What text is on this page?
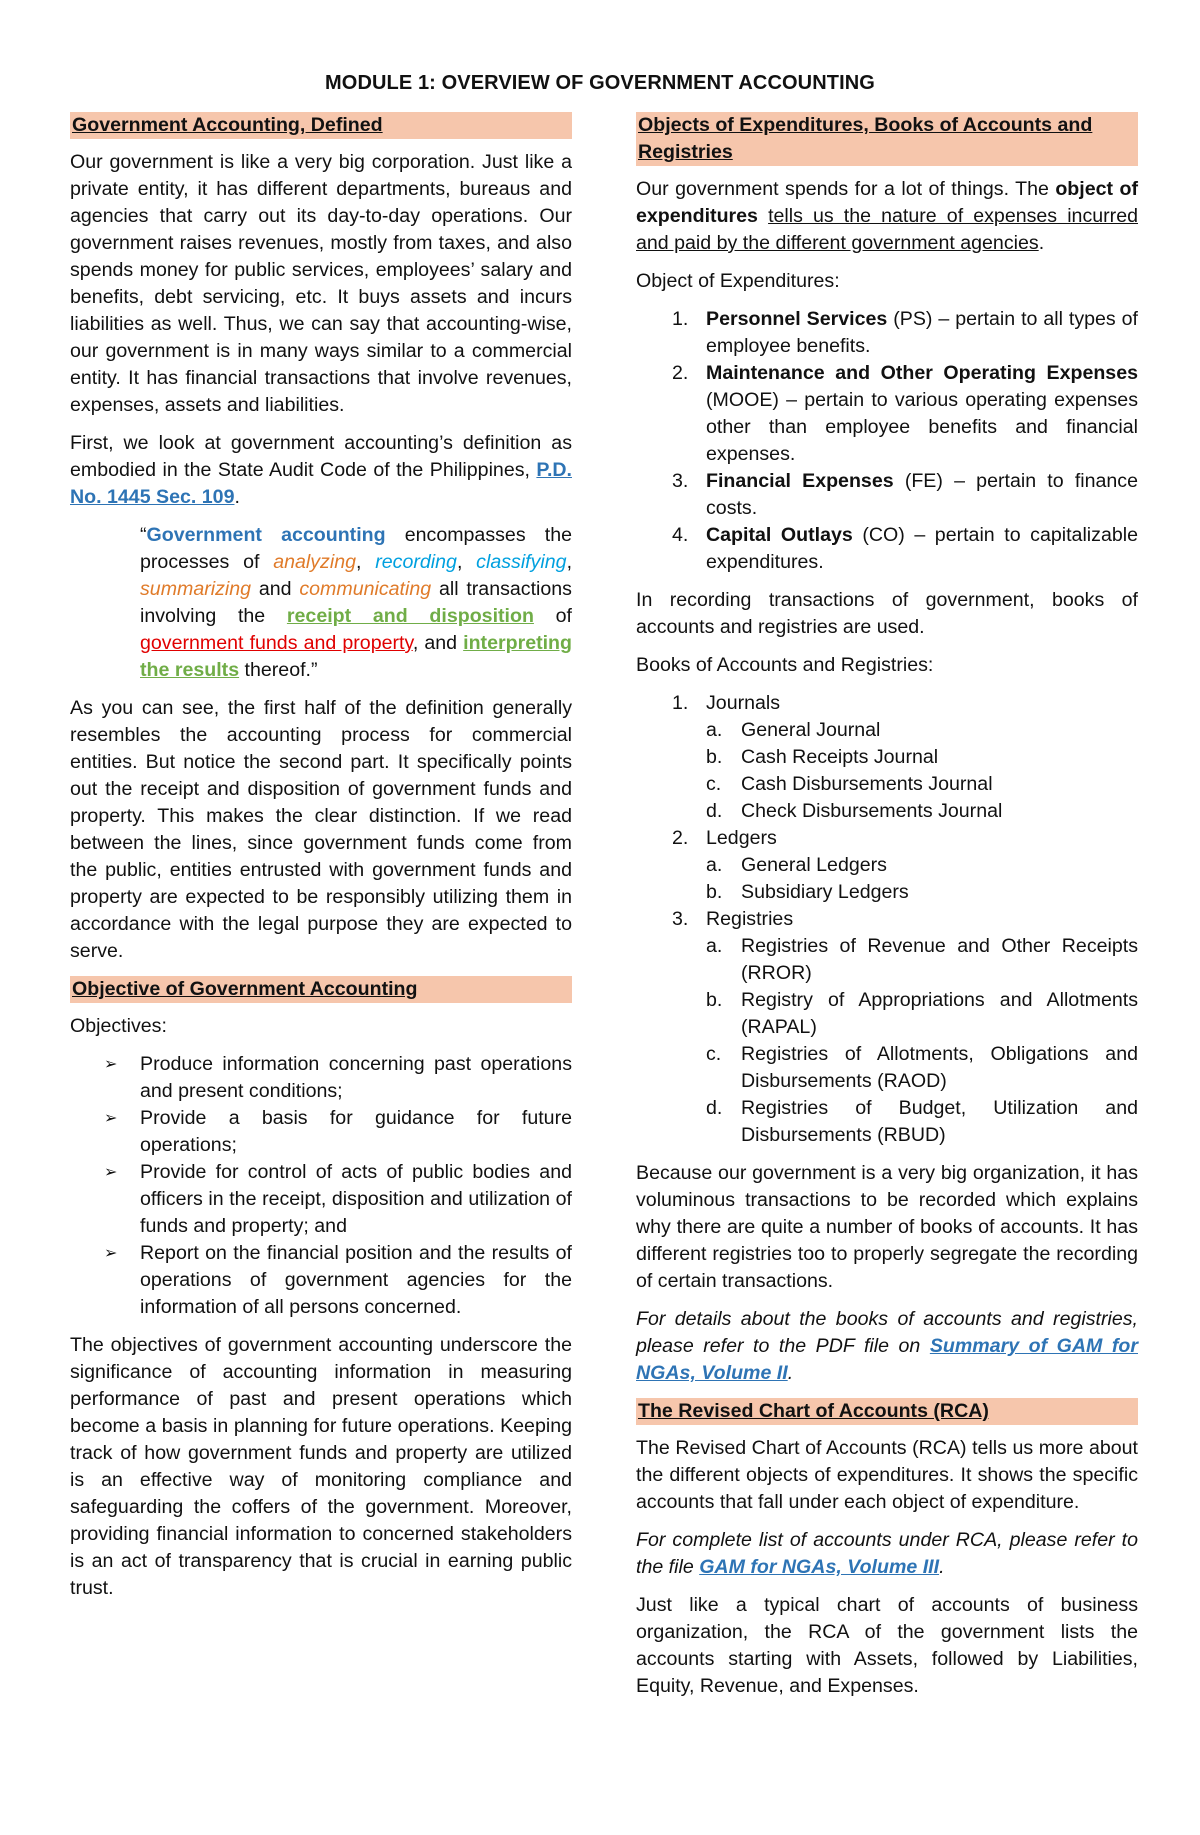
MODULE 1: OVERVIEW OF GOVERNMENT ACCOUNTING
Government Accounting, Defined

Our government is like a very big corporation. Just like a private entity, it has different departments, bureaus and agencies that carry out its day-to-day operations. Our government raises revenues, mostly from taxes, and also spends money for public services, employees’ salary and benefits, debt servicing, etc. It buys assets and incurs liabilities as well. Thus, we can say that accounting-wise, our government is in many ways similar to a commercial entity. It has financial transactions that involve revenues, expenses, assets and liabilities.

First, we look at government accounting’s definition as embodied in the State Audit Code of the Philippines, P.D. No. 1445 Sec. 109.

“Government accounting encompasses the processes of analyzing, recording, classifying, summarizing and communicating all transactions involving the receipt and disposition of government funds and property, and interpreting the results thereof.”

As you can see, the first half of the definition generally resembles the accounting process for commercial entities. But notice the second part. It specifically points out the receipt and disposition of government funds and property. This makes the clear distinction. If we read between the lines, since government funds come from the public, entities entrusted with government funds and property are expected to be responsibly utilizing them in accordance with the legal purpose they are expected to serve.

Objective of Government Accounting

Objectives:

➢ Produce information concerning past operations and present conditions;
➢ Provide a basis for guidance for future operations;
➢ Provide for control of acts of public bodies and officers in the receipt, disposition and utilization of funds and property; and
➢ Report on the financial position and the results of operations of government agencies for the information of all persons concerned.

The objectives of government accounting underscore the significance of accounting information in measuring performance of past and present operations which become a basis in planning for future operations. Keeping track of how government funds and property are utilized is an effective way of monitoring compliance and safeguarding the coffers of the government. Moreover, providing financial information to concerned stakeholders is an act of transparency that is crucial in earning public trust.

Objects of Expenditures, Books of Accounts and Registries

Our government spends for a lot of things. The object of expenditures tells us the nature of expenses incurred and paid by the different government agencies.

Object of Expenditures:

1. Personnel Services (PS) – pertain to all types of employee benefits.
2. Maintenance and Other Operating Expenses (MOOE) – pertain to various operating expenses other than employee benefits and financial expenses.
3. Financial Expenses (FE) – pertain to finance costs.
4. Capital Outlays (CO) – pertain to capitalizable expenditures.

In recording transactions of government, books of accounts and registries are used.

Books of Accounts and Registries:

1. Journals
a. General Journal
b. Cash Receipts Journal
c. Cash Disbursements Journal
d. Check Disbursements Journal
2. Ledgers
a. General Ledgers
b. Subsidiary Ledgers
3. Registries
a. Registries of Revenue and Other Receipts (RROR)
b. Registry of Appropriations and Allotments (RAPAL)
c. Registries of Allotments, Obligations and Disbursements (RAOD)
d. Registries of Budget, Utilization and Disbursements (RBUD)

Because our government is a very big organization, it has voluminous transactions to be recorded which explains why there are quite a number of books of accounts. It has different registries too to properly segregate the recording of certain transactions.

For details about the books of accounts and registries, please refer to the PDF file on Summary of GAM for NGAs, Volume II.

The Revised Chart of Accounts (RCA)

The Revised Chart of Accounts (RCA) tells us more about the different objects of expenditures. It shows the specific accounts that fall under each object of expenditure.

For complete list of accounts under RCA, please refer to the file GAM for NGAs, Volume III.

Just like a typical chart of accounts of business organization, the RCA of the government lists the accounts starting with Assets, followed by Liabilities, Equity, Revenue, and Expenses.
